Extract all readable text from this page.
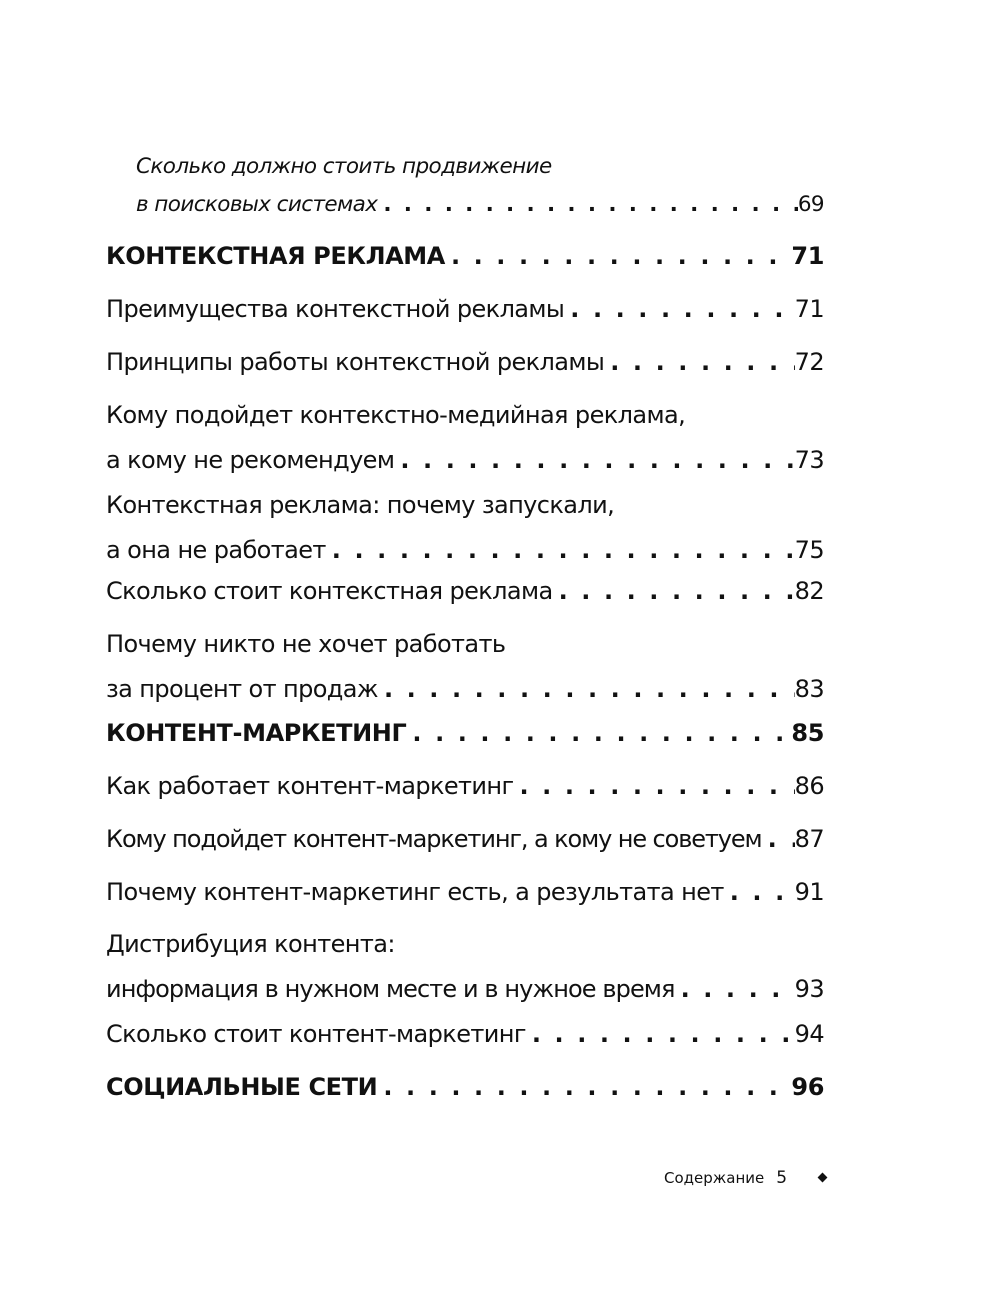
Сколько должно стоить продвижение
в поисковых системах . . .	69
КОНТЕКСТНАЯ РЕКЛАМА . . .	71
Преимущества контекстной рекламы . . .	71
Принципы работы контекстной рекламы . . .	72
Кому подойдет контекстно-медийная реклама,
а кому не рекомендуем . . .	73
Контекстная реклама: почему запускали,
а она не работает . . .	75
Сколько стоит контекстная реклама . . .	82
Почему никто не хочет работать
за процент от продаж . . .	83
КОНТЕНТ-МАРКЕТИНГ . . .	85
Как работает контент-маркетинг . . .	86
Кому подойдет контент-маркетинг, а кому не советуем . . . 87
Почему контент-маркетинг есть, а результата нет . . .	91
Дистрибуция контента:
информация в нужном месте и в нужное время . . .	93
Сколько стоит контент-маркетинг . . .	94
СОЦИАЛЬНЫЕ СЕТИ . . .	96
Содержание 5
